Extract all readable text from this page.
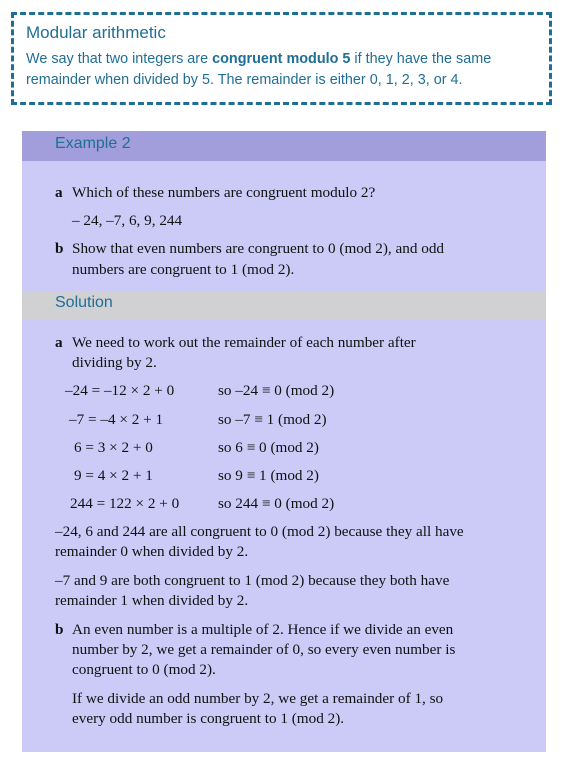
Modular arithmetic
We say that two integers are congruent modulo 5 if they have the same
remainder when divided by 5. The remainder is either 0, 1, 2, 3, or 4.
Example 2
a Which of these numbers are congruent modulo 2?
– 24, –7, 6, 9, 244
b Show that even numbers are congruent to 0 (mod 2), and odd
numbers are congruent to 1 (mod 2).
Solution
a We need to work out the remainder of each number after
dividing by 2.
–24 = –12 × 2 + 0	so –24 ≡ 0 (mod 2)
–7 = –4 × 2 + 1	so –7 ≡ 1 (mod 2)
6 = 3 × 2 + 0	so 6 ≡ 0 (mod 2)
9 = 4 × 2 + 1	so 9 ≡ 1 (mod 2)
244 = 122 × 2 + 0	so 244 ≡ 0 (mod 2)
–24, 6 and 244 are all congruent to 0 (mod 2) because they all have
remainder 0 when divided by 2.
–7 and 9 are both congruent to 1 (mod 2) because they both have
remainder 1 when divided by 2.
b An even number is a multiple of 2. Hence if we divide an even
number by 2, we get a remainder of 0, so every even number is
congruent to 0 (mod 2).
If we divide an odd number by 2, we get a remainder of 1, so
every odd number is congruent to 1 (mod 2).
